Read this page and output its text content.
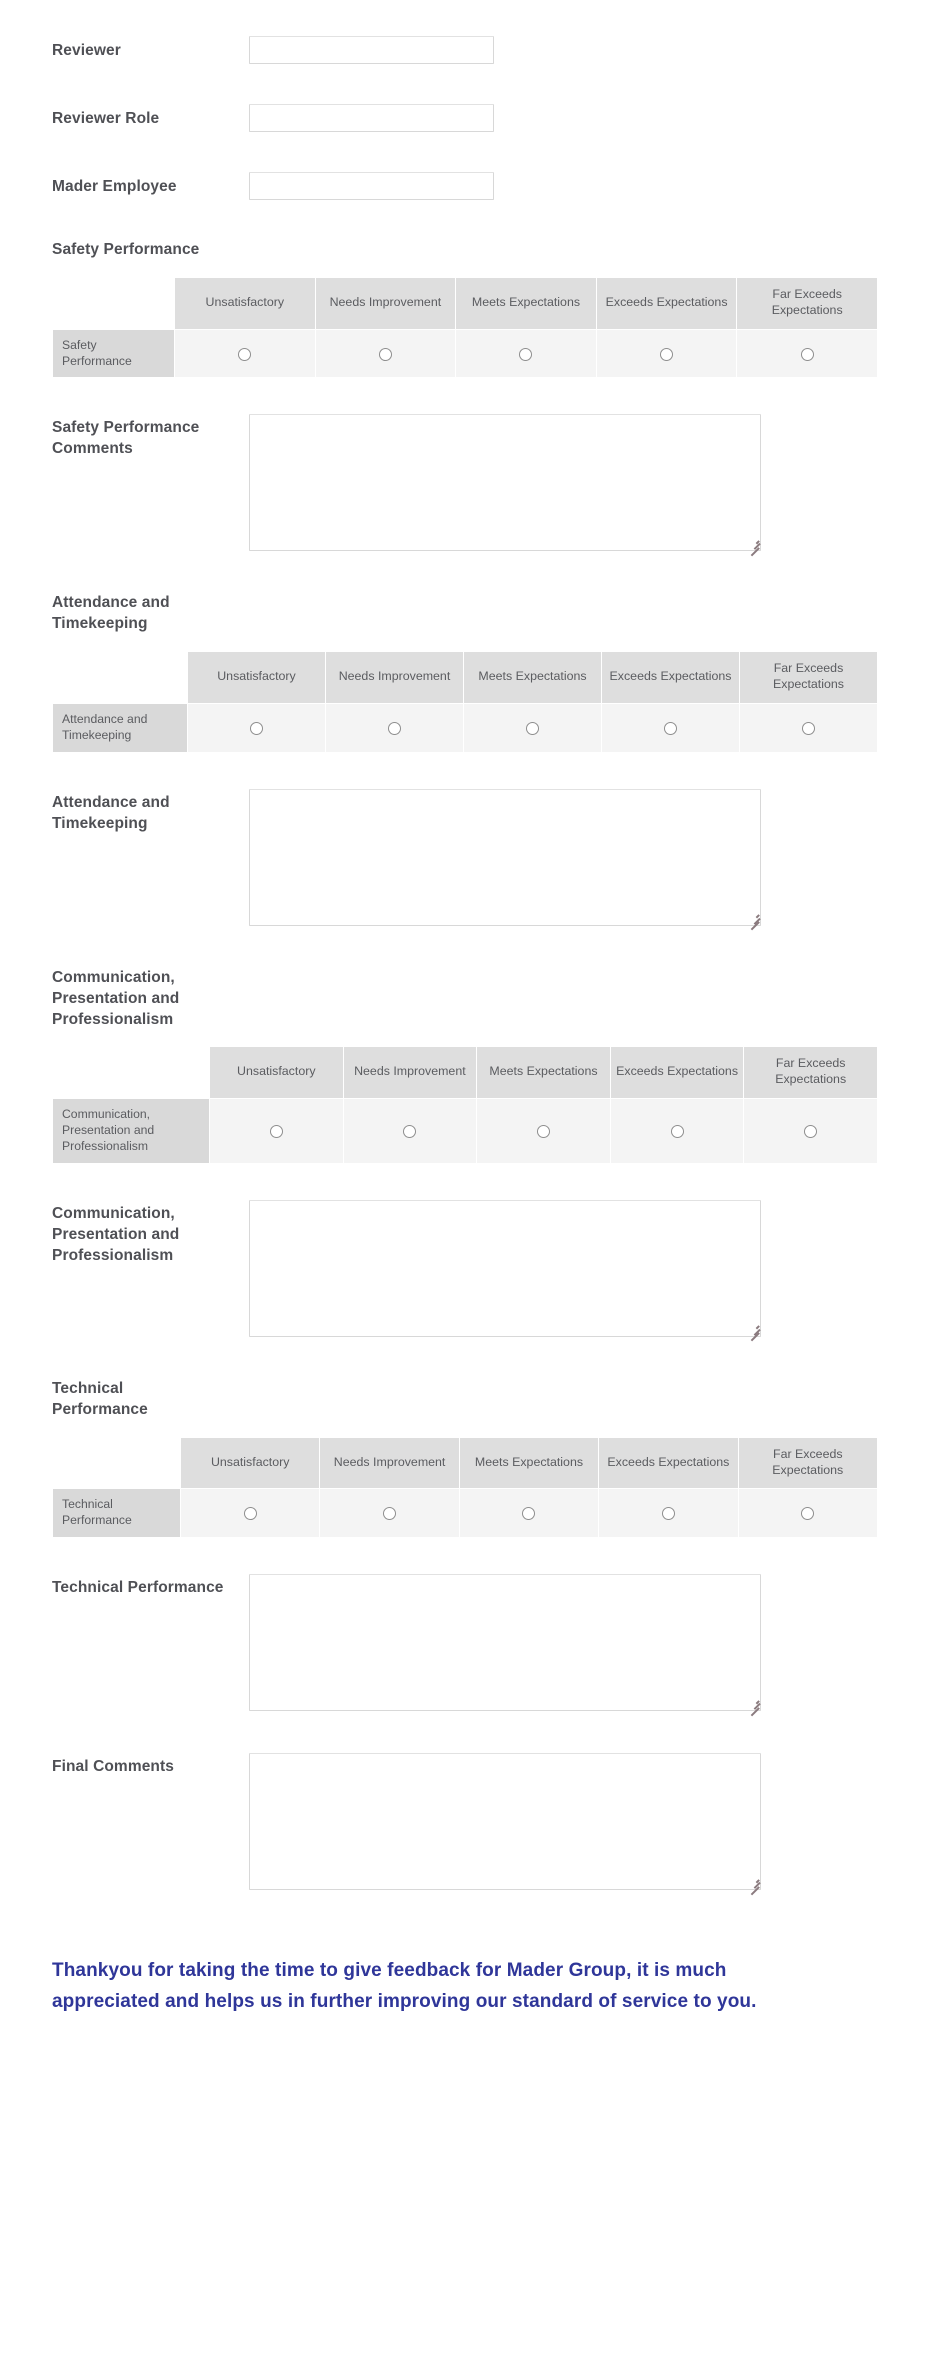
Reviewer
Reviewer Role
Mader Employee
Safety Performance
	Unsatisfactory	Needs Improvement	Meets Expectations	Exceeds Expectations	Far Exceeds Expectations
Safety Performance					
Safety Performance Comments
Attendance and Timekeeping
	Unsatisfactory	Needs Improvement	Meets Expectations	Exceeds Expectations	Far Exceeds Expectations
Attendance and Timekeeping					
Attendance and Timekeeping
Communication, Presentation and Professionalism
	Unsatisfactory	Needs Improvement	Meets Expectations	Exceeds Expectations	Far Exceeds Expectations
Communication, Presentation and Professionalism					
Communication, Presentation and Professionalism
Technical Performance
	Unsatisfactory	Needs Improvement	Meets Expectations	Exceeds Expectations	Far Exceeds Expectations
Technical Performance					
Technical Performance
Final Comments
Thankyou for taking the time to give feedback for Mader Group, it is much appreciated and helps us in further improving our standard of service to you.
